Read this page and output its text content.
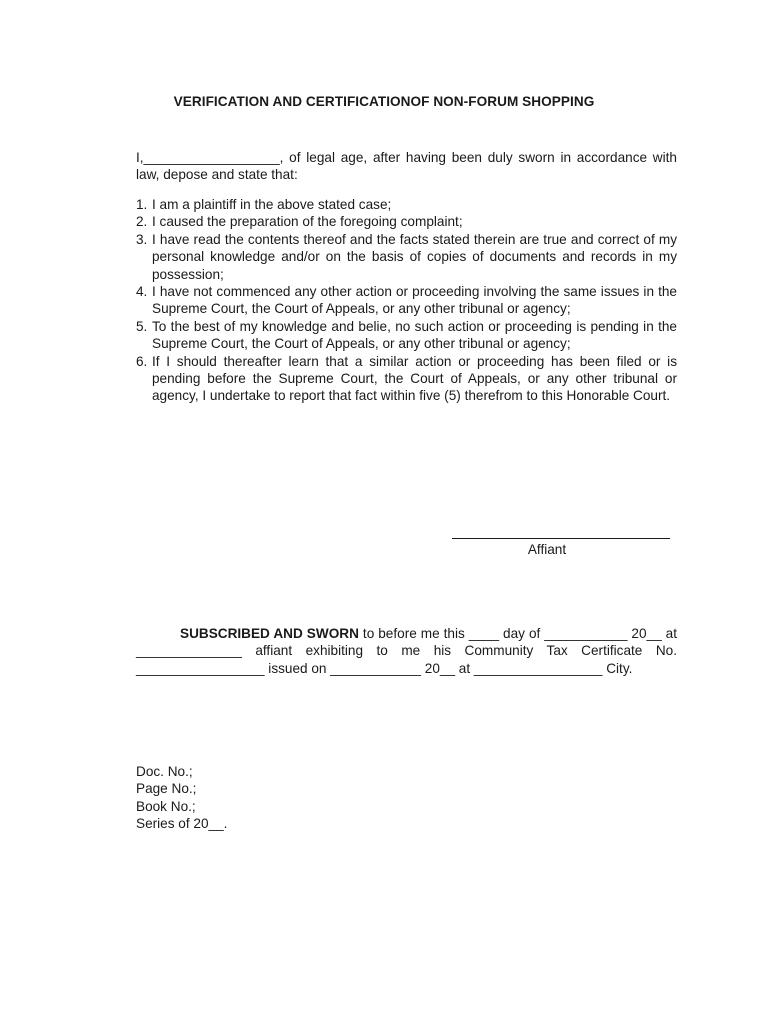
VERIFICATION AND CERTIFICATIONOF NON-FORUM SHOPPING
I,__________________, of legal age, after having been duly sworn in accordance with law, depose and state that:
1. I am a plaintiff in the above stated case;
2. I caused the preparation of the foregoing complaint;
3. I have read the contents thereof and the facts stated therein are true and correct of my personal knowledge and/or on the basis of copies of documents and records in my possession;
4. I have not commenced any other action or proceeding involving the same issues in the Supreme Court, the Court of Appeals, or any other tribunal or agency;
5. To the best of my knowledge and belie, no such action or proceeding is pending in the Supreme Court, the Court of Appeals, or any other tribunal or agency;
6. If I should thereafter learn that a similar action or proceeding has been filed or is pending before the Supreme Court, the Court of Appeals, or any other tribunal or agency, I undertake to report that fact within five (5) therefrom to this Honorable Court.
Affiant
SUBSCRIBED AND SWORN to before me this ____ day of ___________ 20__ at ______________ affiant exhibiting to me his Community Tax Certificate No. _________________ issued on ____________ 20__ at _________________ City.
Doc. No.;
Page No.;
Book No.;
Series of 20__.
